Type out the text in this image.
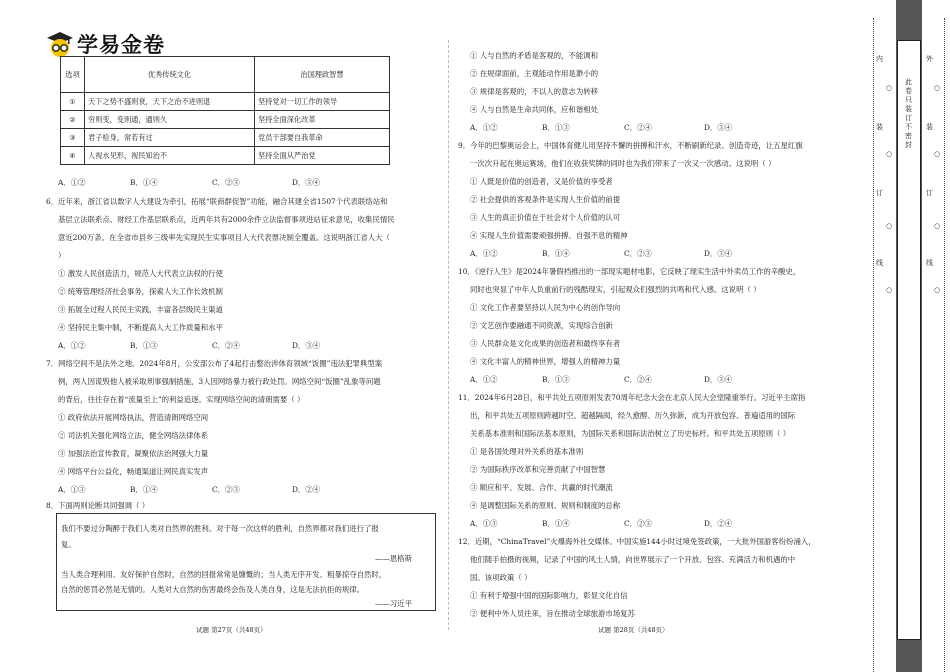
学易金卷
选项	优秀传统文化	治国理政智慧
①	天下之势不盛则衰，天下之治不进则退	坚持党对一切工作的领导
②	穷则变，变则通，通则久	坚持全面深化改革
③	君子检身，常若有过	党员干部要自我革命
④	人视水见形，视民知治不	坚持全面从严治党
A．①②	B．①④	C．②③	D．③④
6．近年来，浙江省以数字人大建设为牵引，拓展“联商群促智”功能，融合其建全省1507个代表联络站和
基层立法联系点、财经工作基层联系点，近两年共有2000余件立法监督事项进站征求意见，收集民情民
意近200万条。在全省市县乡三级率先实现民生实事项目人大代表票决制全覆盖。这说明浙江省人大（
）
① 激发人民创造活力，规范人大代表立法权的行使
② 统筹管理经济社会事务，探索人大工作长效机制
③ 拓展全过程人民民主实践，丰富各层级民主渠道
④ 坚持民主集中制，不断提高人大工作质量和水平
A．①②	B．①③	C．②④	D．③④
7．网络空间不是法外之地。2024年8月，公安部公布了4起打击整治涉体育领域“饭圈”违法犯罪典型案
例，两人因谎毁他人被采取刑事强制措施，3人因网络暴力被行政处罚。网络空间“饭圈”乱象等问题
的背后，往往存在着“流量至上”的利益追逐。实现网络空间的清朗需要（ ）
① 政府依法开展网络执法，营造清朗网络空间
② 司法机关强化网络立法，健全网络法律体系
③ 加强法治宣传教育，凝聚依法治网强大力量
④ 网络平台公益化，畅通渠道让网民真实发声
A．①③	B．①④	C．②③	D．②④
8．下面两则论断共同强调（ ）
我们不要过分陶醉于我们人类对自然界的胜利。对于每一次这样的胜利，自然界都对我们进行了报
复。
——恩格斯
当人类合理利用、友好保护自然时，自然的回报常常是慷慨的；当人类无序开发、粗暴掠夺自然时，
自然的惩罚必然是无情的。人类对大自然的伤害最终会伤及人类自身，这是无法抗拒的规律。
——习近平
试题 第27页（共48页）
① 人与自然的矛盾是客观的，不能调和
② 在规律面前，主观能动作用是渺小的
③ 规律是客观的，不以人的意志为转移
④ 人与自然是生命共同体，应和谐相处
A．①②	B．①③	C．②④	D．③④
9．今年的巴黎奥运会上，中国体育健儿用坚持不懈的拼搏和汗水，不断刷新纪录、创造奇迹，让五星红旗
一次次升起在奥运赛场，他们在收获奖牌的同时也为我们带来了一次又一次感动。这说明（ ）
① 人既是价值的创造者，又是价值的享受者
② 社会提供的客观条件是实现人生价值的前提
③ 人生的真正价值在于社会对个人价值的认可
④ 实现人生价值需要顽强拼搏、自强不息的精神
A．①②	B．①④	C．②③	D．③④
10．《逆行人生》是2024年暑假档推出的一部现实题材电影，它反映了现实生活中外卖员工作的辛酸史，
同时也突显了中年人负重前行的残酷现实，引起观众们强烈的共鸣和代入感。这说明（ ）
① 文化工作者要坚持以人民为中心的创作导向
② 文艺创作要融通不同资源，实现综合创新
③ 人民群众是文化成果的创造者和最终享有者
④ 文化丰富人的精神世界，增强人的精神力量
A．①②	B．①③	C．②④	D．③④
11．2024年6月28日，和平共处五项原则发表70周年纪念大会在北京人民大会堂隆重举行。习近平主席指
出，和平共处五项原则跨越时空、超越隔阂，经久愈醇、历久弥新，成为开放包容、普遍适用的国际
关系基本准则和国际法基本原则，为国际关系和国际法治树立了历史标杆。和平共处五项原则（ ）
① 是各国处理对外关系的基本准则
② 为国际秩序改革和完善贡献了中国智慧
③ 顺应和平、发展、合作、共赢的时代潮流
④ 是调整国际关系的原则、规则和制度的总称
A．①③	B．①④	C．②③	D．②④
12．近期，“ChinaTravel”火爆海外社交媒体。中国实施144小时过境免签政策，一大批外国游客纷纷涌入，
他们随手拍摄的视频，记录了中国的风土人情，向世界展示了一个开放、包容、充满活力和机遇的中
国。该项政策（ ）
① 有利于增强中国的国际影响力，彰显文化自信
② 便利中外人员往来，旨在推动全球旅游市场复苏
试题 第28页（共48页）
内
装
订
线
○
○
○
○
此卷只装订不密封
外
装
订
线
○
○
○
○
